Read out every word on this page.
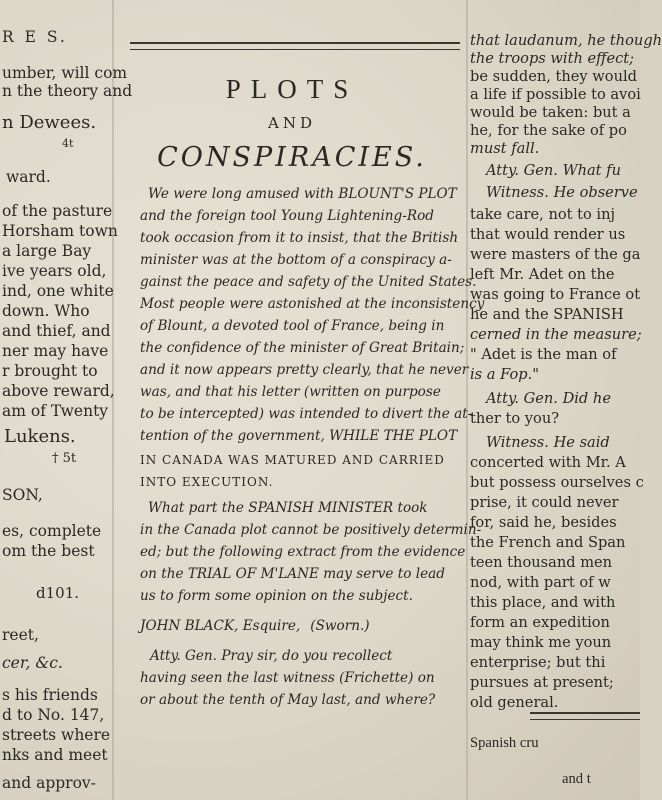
R E S.
umber, will com
n the theory and
n Dewees.
4t
ward.
of the pasture
Horsham town
a large Bay
ive years old,
ind, one white
down. Who
and thief, and
ner may have
r brought to
above reward,
am of Twenty
Lukens.
† 5t
SON,
es, complete
om the best
d101.
reet,
cer, &c.
s his friends
d to No. 147,
streets where
nks and meet
and approv-
PLOTS
AND
CONSPIRACIES.
We were long amused with BLOUNT'S PLOT
and the foreign tool Young Lightening-Rod
took occasion from it to insist, that the British
minister was at the bottom of a conspiracy a-
gainst the peace and safety of the United States.
Most people were astonished at the inconsistency
of Blount, a devoted tool of France, being in
the confidence of the minister of Great Britain;
and it now appears pretty clearly, that he never
was, and that his letter (written on purpose
to be intercepted) was intended to divert the at-
tention of the government, WHILE THE PLOT
IN CANADA WAS MATURED AND CARRIED
INTO EXECUTION.
What part the SPANISH MINISTER took
in the Canada plot cannot be positively determin-
ed; but the following extract from the evidence
on the TRIAL OF M'LANE may serve to lead
us to form some opinion on the subject.
JOHN BLACK, Esquire, (Sworn.)
Atty. Gen. Pray sir, do you recollect
having seen the last witness (Frichette) on
or about the tenth of May last, and where?
that laudanum, he though
the troops with effect;
be sudden, they would
a life if possible to avoi
would be taken: but a
he, for the sake of po
must fall.
Atty. Gen. What fu
Witness. He observe
take care, not to inj
that would render us
were masters of the ga
left Mr. Adet on the
was going to France ot
he and the SPANISH
cerned in the measure;
" Adet is the man of
is a Fop."
Atty. Gen. Did he
ther to you?
Witness. He said
concerted with Mr. A
but possess ourselves c
prise, it could never
for, said he, besides
the French and Span
teen thousand men
nod, with part of w
this place, and with
form an expedition
may think me youn
enterprise; but thi
pursues at present;
old general.
Spanish cru
and t
